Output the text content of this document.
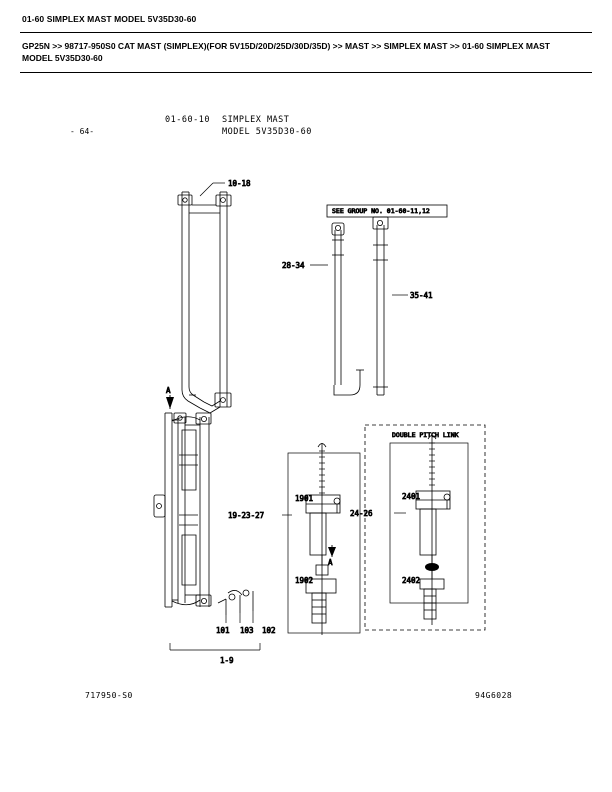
01-60 SIMPLEX MAST MODEL 5V35D30-60
GP25N >> 98717-950S0 CAT MAST (SIMPLEX)(FOR 5V15D/20D/25D/30D/35D) >> MAST >> SIMPLEX MAST >> 01-60 SIMPLEX MAST MODEL 5V35D30-60
- 64-
01-60-10 SIMPLEX MAST
MODEL 5V35D30-60
10-18
28-34
35-41
SEE GROUP NO. 01-60-11,12
A
101 103 102
1-9
19-23-27
1901
1902
A
DOUBLE PITCH LINK
24-26
2401
2402
717950-S0	94G6028
